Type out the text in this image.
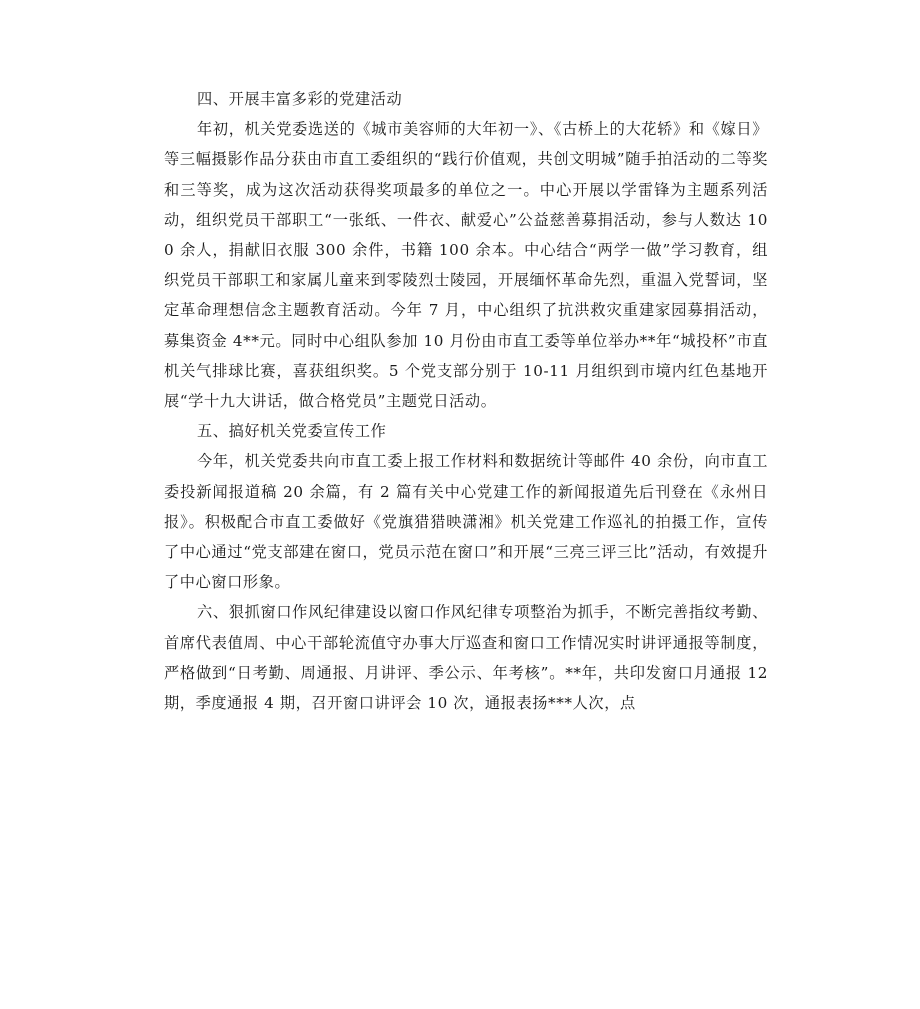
四、开展丰富多彩的党建活动

年初，机关党委选送的《城市美容师的大年初一》、《古桥上的大花轿》和《嫁日》等三幅摄影作品分获由市直工委组织的“践行价值观，共创文明城”随手拍活动的二等奖和三等奖，成为这次活动获得奖项最多的单位之一。中心开展以学雷锋为主题系列活动，组织党员干部职工“一张纸、一件衣、献爱心”公益慈善募捐活动，参与人数达 100 余人，捐献旧衣服 300 余件，书籍 100 余本。中心结合“两学一做”学习教育，组织党员干部职工和家属儿童来到零陵烈士陵园，开展缅怀革命先烈，重温入党誓词，坚定革命理想信念主题教育活动。今年 7 月，中心组织了抗洪救灾重建家园募捐活动，募集资金 4**元。同时中心组队参加 10 月份由市直工委等单位举办**年“城投杯”市直机关气排球比赛，喜获组织奖。5 个党支部分别于 10-11 月组织到市境内红色基地开展“学十九大讲话，做合格党员”主题党日活动。

五、搞好机关党委宣传工作

今年，机关党委共向市直工委上报工作材料和数据统计等邮件 40 余份，向市直工委投新闻报道稿 20 余篇，有 2 篇有关中心党建工作的新闻报道先后刊登在《永州日报》。积极配合市直工委做好《党旗猎猎映潇湘》机关党建工作巡礼的拍摄工作，宣传了中心通过“党支部建在窗口，党员示范在窗口”和开展“三亮三评三比”活动，有效提升了中心窗口形象。

六、狠抓窗口作风纪律建设以窗口作风纪律专项整治为抓手，不断完善指纹考勤、首席代表值周、中心干部轮流值守办事大厅巡查和窗口工作情况实时讲评通报等制度，严格做到“日考勤、周通报、月讲评、季公示、年考核”。**年，共印发窗口月通报 12 期，季度通报 4 期，召开窗口讲评会 10 次，通报表扬***人次，点
